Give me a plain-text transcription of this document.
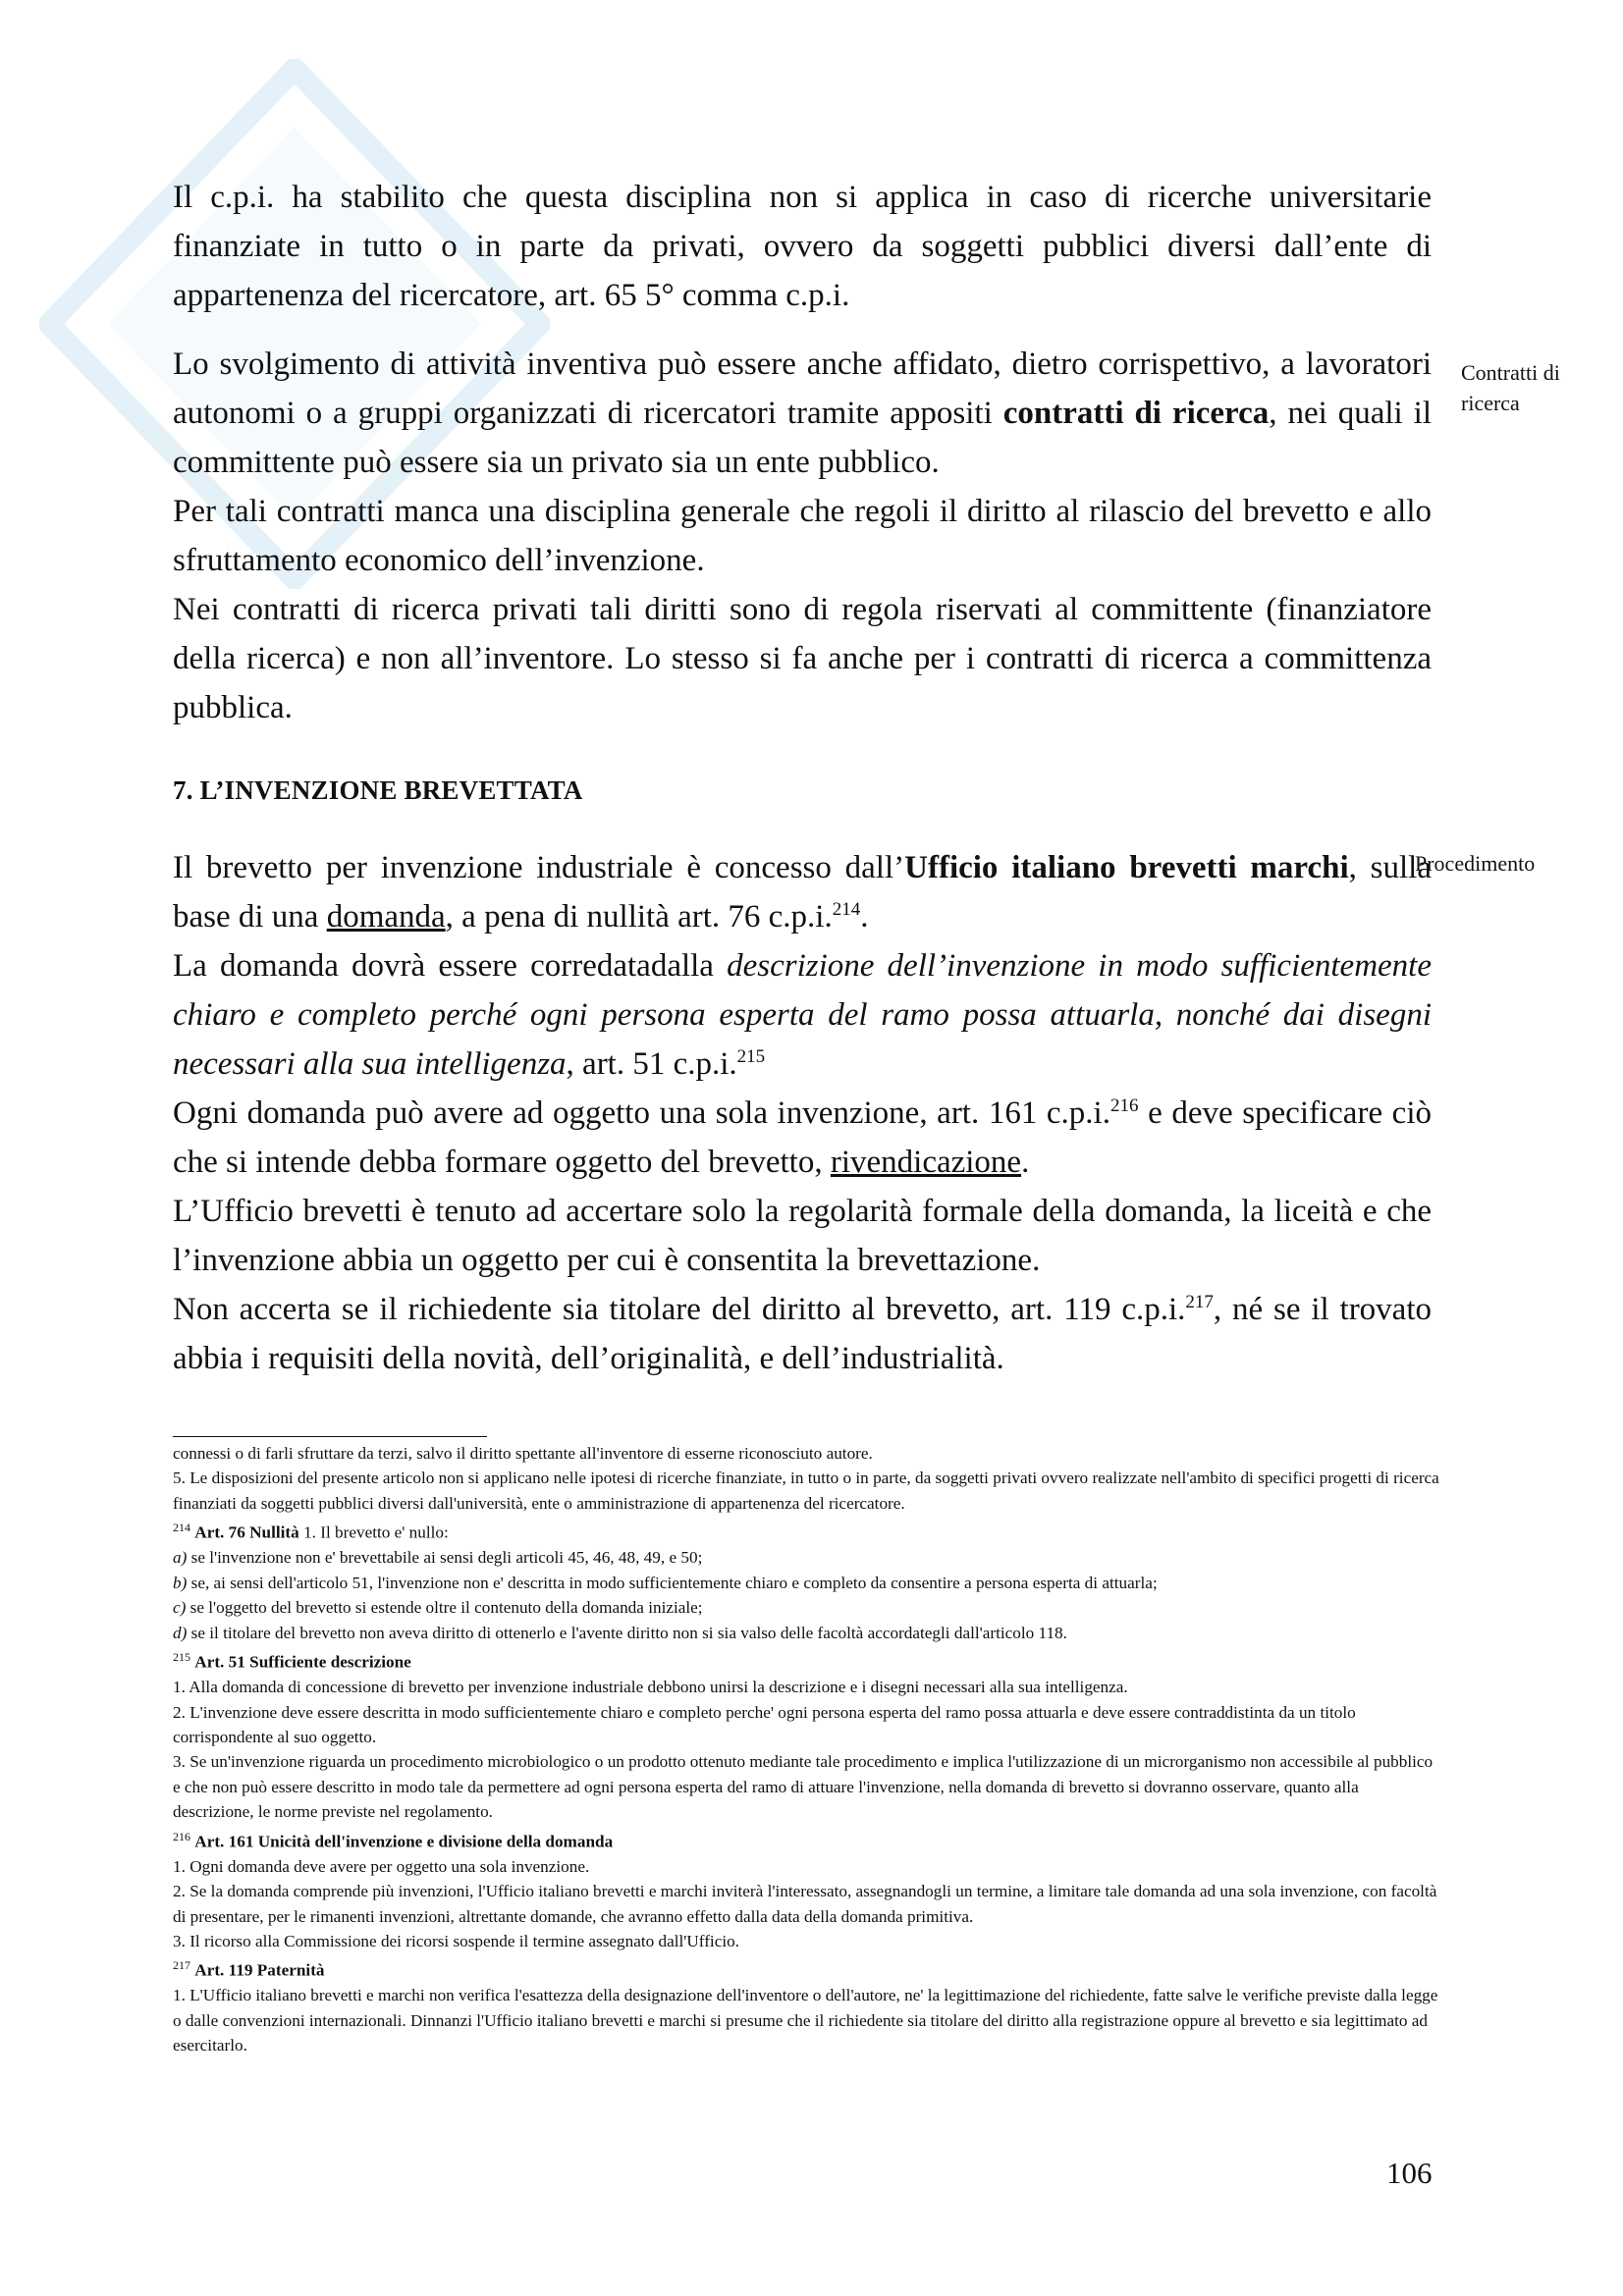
Il c.p.i. ha stabilito che questa disciplina non si applica in caso di ricerche universitarie finanziate in tutto o in parte da privati, ovvero da soggetti pubblici diversi dall’ente di appartenenza del ricercatore, art. 65 5° comma c.p.i.

Lo svolgimento di attività inventiva può essere anche affidato, dietro corrispettivo, a lavoratori autonomi o a gruppi organizzati di ricercatori tramite appositi contratti di ricerca, nei quali il committente può essere sia un privato sia un ente pubblico.

Per tali contratti manca una disciplina generale che regoli il diritto al rilascio del brevetto e allo sfruttamento economico dell’invenzione.

Nei contratti di ricerca privati tali diritti sono di regola riservati al committente (finanziatore della ricerca) e non all’inventore. Lo stesso si fa anche per i contratti di ricerca a committenza pubblica.

Contratti di
ricerca
7. L’INVENZIONE BREVETTATA
Procedimento

Il brevetto per invenzione industriale è concesso dall’Ufficio italiano brevetti marchi, sulla base di una domanda, a pena di nullità art. 76 c.p.i.$^{214}$.

La domanda dovrà essere corredatadalla descrizione dell’invenzione in modo sufficientemente chiaro e completo perché ogni persona esperta del ramo possa attuarla, nonché dai disegni necessari alla sua intelligenza, art. 51 c.p.i.$^{215}$

Ogni domanda può avere ad oggetto una sola invenzione, art. 161 c.p.i.$^{216}$ e deve specificare ciò che si intende debba formare oggetto del brevetto, rivendicazione.

L’Ufficio brevetti è tenuto ad accertare solo la regolarità formale della domanda, la liceità e che l’invenzione abbia un oggetto per cui è consentita la brevettazione.

Non accerta se il richiedente sia titolare del diritto al brevetto, art. 119 c.p.i.$^{217}$, né se il trovato abbia i requisiti della novità, dell’originalità, e dell’industrialità.

connessi o di farli sfruttare da terzi, salvo il diritto spettante all'inventore di esserne riconosciuto autore.
5. Le disposizioni del presente articolo non si applicano nelle ipotesi di ricerche finanziate, in tutto o in parte, da soggetti privati ovvero realizzate nell'ambito di specifici progetti di ricerca finanziati da soggetti pubblici diversi dall'università, ente o amministrazione di appartenenza del ricercatore.
$^{214}$ Art. 76 Nullità 1. Il brevetto e' nullo:
a) se l'invenzione non e' brevettabile ai sensi degli articoli 45, 46, 48, 49, e 50;
b) se, ai sensi dell'articolo 51, l'invenzione non e' descritta in modo sufficientemente chiaro e completo da consentire a persona esperta di attuarla;
c) se l'oggetto del brevetto si estende oltre il contenuto della domanda iniziale;
d) se il titolare del brevetto non aveva diritto di ottenerlo e l'avente diritto non si sia valso delle facoltà accordategli dall'articolo 118.
$^{215}$ Art. 51 Sufficiente descrizione
1. Alla domanda di concessione di brevetto per invenzione industriale debbono unirsi la descrizione e i disegni necessari alla sua intelligenza.
2. L'invenzione deve essere descritta in modo sufficientemente chiaro e completo perche' ogni persona esperta del ramo possa attuarla e deve essere contraddistinta da un titolo corrispondente al suo oggetto.
3. Se un'invenzione riguarda un procedimento microbiologico o un prodotto ottenuto mediante tale procedimento e implica l'utilizzazione di un microrganismo non accessibile al pubblico e che non può essere descritto in modo tale da permettere ad ogni persona esperta del ramo di attuare l'invenzione, nella domanda di brevetto si dovranno osservare, quanto alla descrizione, le norme previste nel regolamento.
$^{216}$ Art. 161 Unicità dell'invenzione e divisione della domanda
1. Ogni domanda deve avere per oggetto una sola invenzione.
2. Se la domanda comprende più invenzioni, l'Ufficio italiano brevetti e marchi inviterà l'interessato, assegnandogli un termine, a limitare tale domanda ad una sola invenzione, con facoltà di presentare, per le rimanenti invenzioni, altrettante domande, che avranno effetto dalla data della domanda primitiva.
3. Il ricorso alla Commissione dei ricorsi sospende il termine assegnato dall'Ufficio.
$^{217}$ Art. 119 Paternità
1. L'Ufficio italiano brevetti e marchi non verifica l'esattezza della designazione dell'inventore o dell'autore, ne' la legittimazione del richiedente, fatte salve le verifiche previste dalla legge o dalle convenzioni internazionali. Dinnanzi l'Ufficio italiano brevetti e marchi si presume che il richiedente sia titolare del diritto alla registrazione oppure al brevetto e sia legittimato ad esercitarlo.
106
